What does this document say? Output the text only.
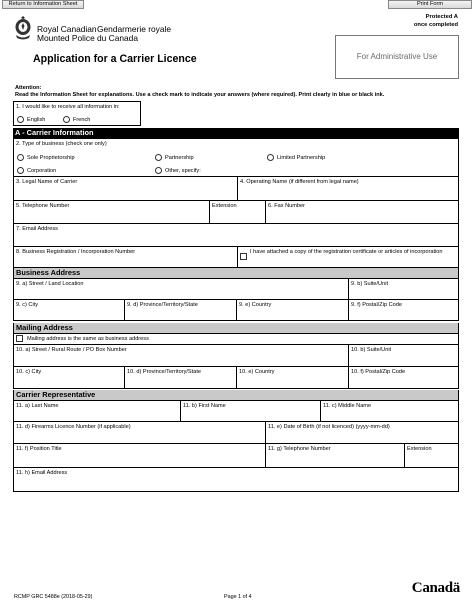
Return to Information Sheet	Print Form
Royal Canadian
Mounted Police
Gendarmerie royale
du Canada
Protected A
once completed
For Administrative Use
Application for a Carrier Licence
Attention:
Read the Information Sheet for explanations. Use a check mark to indicate your answers (where required). Print clearly in blue or black ink.
1. I would like to receive all information in:
English	French
A - Carrier Information
2. Type of business (check one only)
Sole Proprietorship	Partnership	Limited Partnership
Corporation	Other, specify:
3. Legal Name of Carrier	4. Operating Name (if different from legal name)
5. Telephone Number	Extension	6. Fax Number
7. Email Address
8. Business Registration / Incorporation Number	I have attached a copy of the registration certificate or articles of incorporation
Business Address
9. a) Street / Land Location	9. b) Suite/Unit
9. c) City	9. d) Province/Territory/State	9. e) Country	9. f) Postal/Zip Code
Mailing Address
Mailing address is the same as business address
10. a) Street / Rural Route / PO Box Number	10. b) Suite/Unit
10. c) City	10. d) Province/Territory/State	10. e) Country	10. f) Postal/Zip Code
Carrier Representative
11. a) Last Name	11. b) First Name	11. c) Middle Name
11. d) Firearms Licence Number (if applicable)	11. e) Date of Birth (if not licenced) (yyyy-mm-dd)
11. f) Position Title	11. g) Telephone Number	Extension
11. h) Email Address
RCMP GRC 5488e (2018-05-29)	Page 1 of 4
Canadä
